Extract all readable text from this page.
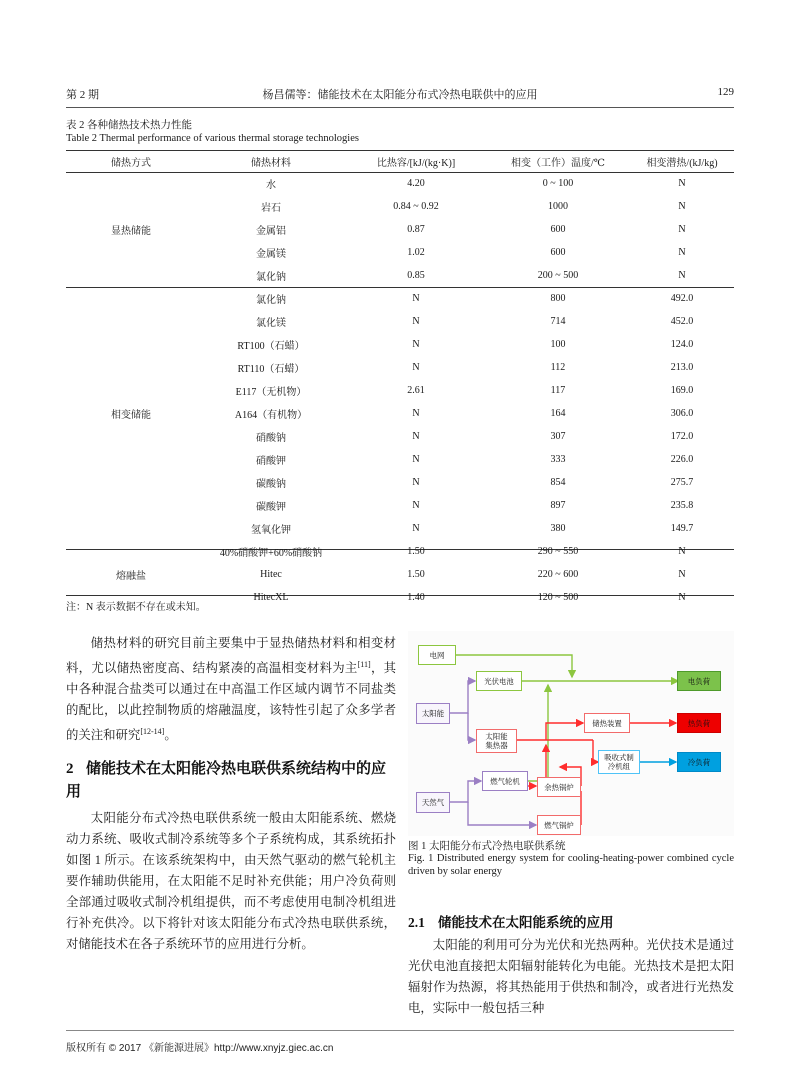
第 2 期	杨昌儒等：储能技术在太阳能分布式冷热电联供中的应用	129
表 2 各种储热技术热力性能
Table 2 Thermal performance of various thermal storage technologies
储热方式	储热材料	比热容/[kJ/(kg·K)]	相变（工作）温度/℃	相变潜热/(kJ/kg)
	水	4.20	0 ~ 100	N
	岩石	0.84 ~ 0.92	1000	N
显热储能	金属铝	0.87	600	N
	金属镁	1.02	600	N
	氯化钠	0.85	200 ~ 500	N
	氯化钠	N	800	492.0
	氯化镁	N	714	452.0
	RT100（石蜡）	N	100	124.0
	RT110（石蜡）	N	112	213.0
	E117（无机物）	2.61	117	169.0
相变储能	A164（有机物）	N	164	306.0
	硝酸钠	N	307	172.0
	硝酸钾	N	333	226.0
	碳酸钠	N	854	275.7
	碳酸钾	N	897	235.8
	氢氧化钾	N	380	149.7
	40%硝酸钾+60%硝酸钠	1.50	290 ~ 550	N
熔融盐	Hitec	1.50	220 ~ 600	N
	HitecXL	1.40	120 ~ 500	N
注：N 表示数据不存在或未知。

储热材料的研究目前主要集中于显热储热材料和相变材料，尤以储热密度高、结构紧凑的高温相变材料为主[11]，其中各种混合盐类可以通过在中高温工作区域内调节不同盐类的配比，以此控制物质的熔融温度，该特性引起了众多学者的关注和研究[12-14]。

2 储能技术在太阳能冷热电联供系统结构中的应用

太阳能分布式冷热电联供系统一般由太阳能系统、燃烧动力系统、吸收式制冷系统等多个子系统构成，其系统拓扑如图 1 所示。在该系统架构中，由天然气驱动的燃气轮机主要作辅助供能用，在太阳能不足时补充供能；用户冷负荷则全部通过吸收式制冷机组提供，而不考虑使用电制冷机组进行补充供冷。以下将针对该太阳能分布式冷热电联供系统，对储能技术在各子系统环节的应用进行分析。

电网
光伏电池
太阳能
太阳能
集热器
天然气
燃气轮机
余热锅炉
燃气锅炉
储热装置
吸收式制
冷机组
电负荷
热负荷
冷负荷
图 1 太阳能分布式冷热电联供系统
Fig. 1 Distributed energy system for cooling-heating-power combined cycle driven by solar energy
2.1 储能技术在太阳能系统的应用

太阳能的利用可分为光伏和光热两种。光伏技术是通过光伏电池直接把太阳辐射能转化为电能。光热技术是把太阳辐射作为热源，将其热能用于供热和制冷，或者进行光热发电，实际中一般包括三种

版权所有 © 2017 《新能源进展》http://www.xnyjz.giec.ac.cn
